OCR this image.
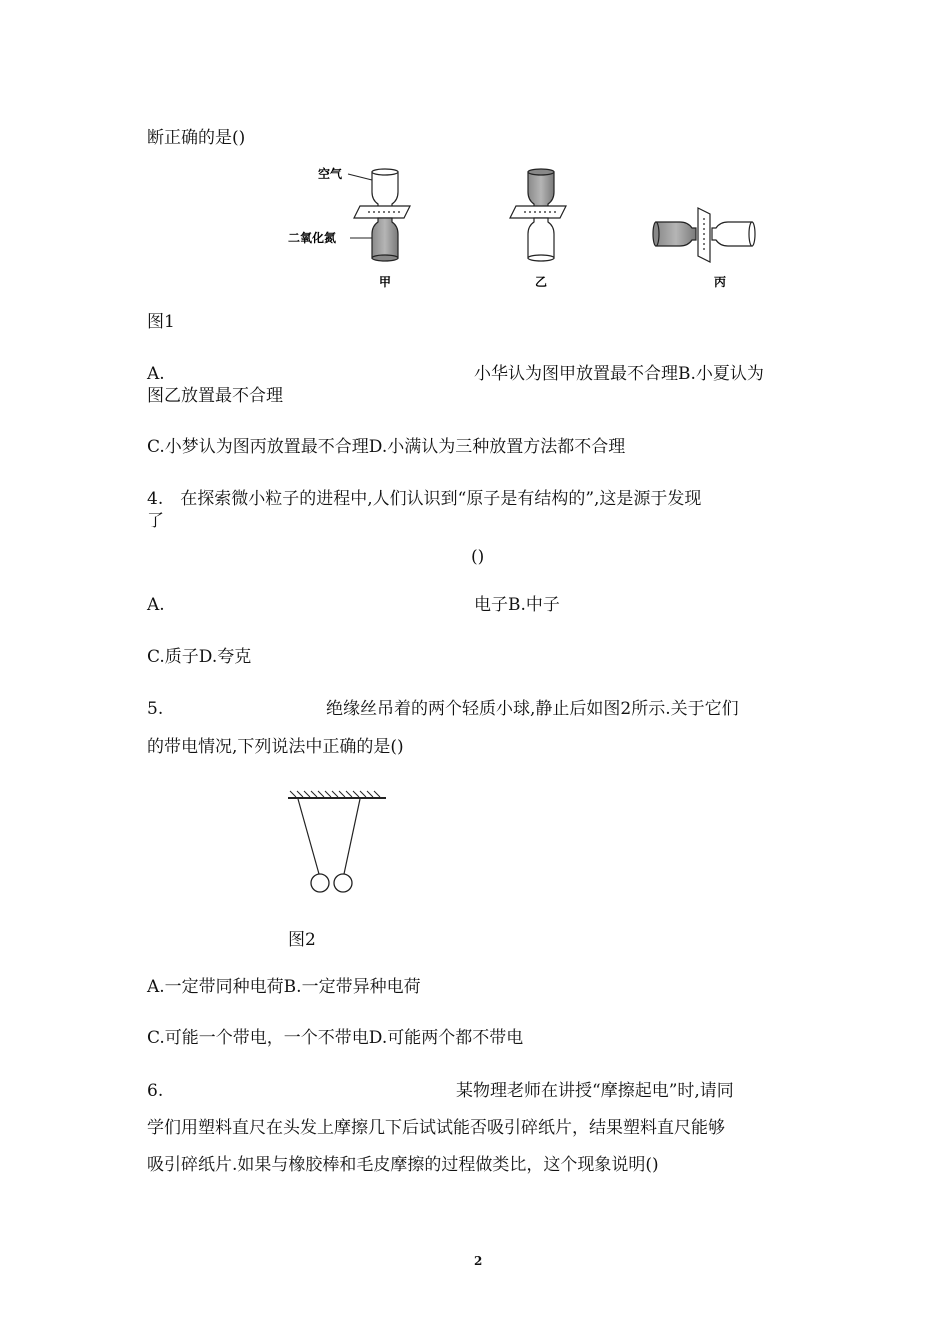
断正确的是()
空气
二氧化氮
甲	乙	丙
图1
A.	小华认为图甲放置最不合理B.小夏认为
图乙放置最不合理
C.小梦认为图丙放置最不合理D.小满认为三种放置方法都不合理
4.　在探索微小粒子的进程中,人们认识到“原子是有结构的”,这是源于发现
了
()
A.	电子B.中子
C.质子D.夸克
5.	绝缘丝吊着的两个轻质小球,静止后如图2所示.关于它们
的带电情况,下列说法中正确的是()
图2
A.一定带同种电荷B.一定带异种电荷
C.可能一个带电，一个不带电D.可能两个都不带电
6.	某物理老师在讲授“摩擦起电”时,请同
学们用塑料直尺在头发上摩擦几下后试试能否吸引碎纸片，结果塑料直尺能够
吸引碎纸片.如果与橡胶棒和毛皮摩擦的过程做类比，这个现象说明()
2
